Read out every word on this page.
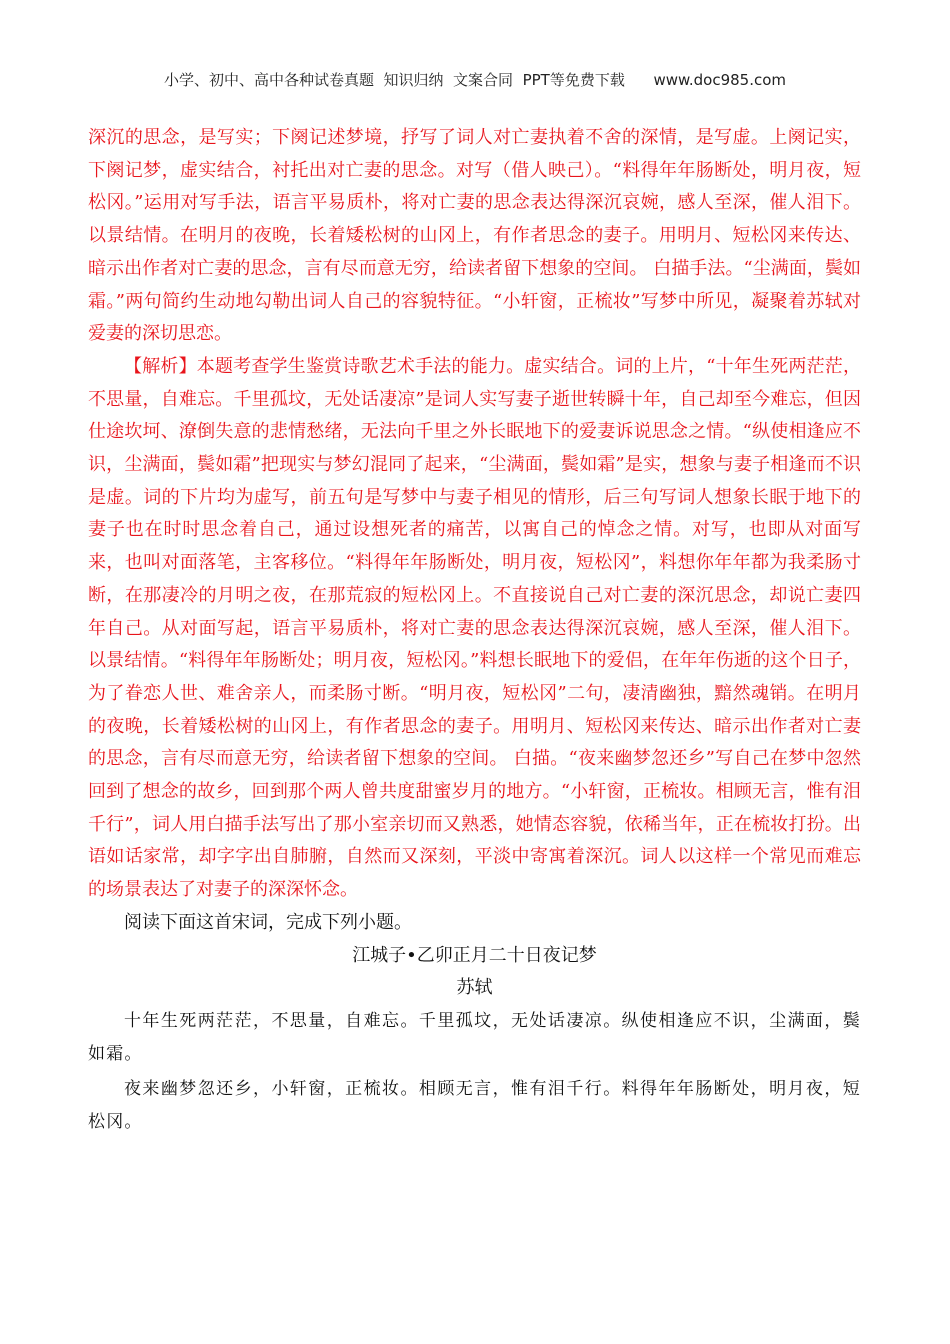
小学、初中、高中各种试卷真题  知识归纳  文案合同  PPT等免费下载      www.doc985.com

深沉的思念，是写实；下阕记述梦境，抒写了词人对亡妻执着不舍的深情，是写虚。上阕记实，下阕记梦，虚实结合，衬托出对亡妻的思念。对写（借人映己）。“料得年年肠断处，明月夜，短松冈。”运用对写手法，语言平易质朴，将对亡妻的思念表达得深沉哀婉，感人至深，催人泪下。以景结情。在明月的夜晚，长着矮松树的山冈上，有作者思念的妻子。用明月、短松冈来传达、暗示出作者对亡妻的思念，言有尽而意无穷，给读者留下想象的空间。 白描手法。“尘满面，鬓如霜。”两句简约生动地勾勒出词人自己的容貌特征。“小轩窗，正梳妆”写梦中所见，凝聚着苏轼对爱妻的深切思恋。

【解析】本题考查学生鉴赏诗歌艺术手法的能力。虚实结合。词的上片，“十年生死两茫茫，不思量，自难忘。千里孤坟，无处话凄凉”是词人实写妻子逝世转瞬十年，自己却至今难忘，但因仕途坎坷、潦倒失意的悲情愁绪，无法向千里之外长眠地下的爱妻诉说思念之情。“纵使相逢应不识，尘满面，鬓如霜”把现实与梦幻混同了起来，“尘满面，鬓如霜”是实，想象与妻子相逢而不识是虚。词的下片均为虚写，前五句是写梦中与妻子相见的情形，后三句写词人想象长眠于地下的妻子也在时时思念着自己，通过设想死者的痛苦，以寓自己的悼念之情。对写，也即从对面写来，也叫对面落笔，主客移位。“料得年年肠断处，明月夜，短松冈”，料想你年年都为我柔肠寸断，在那凄冷的月明之夜，在那荒寂的短松冈上。不直接说自己对亡妻的深沉思念，却说亡妻四年自己。从对面写起，语言平易质朴，将对亡妻的思念表达得深沉哀婉，感人至深，催人泪下。 以景结情。“料得年年肠断处；明月夜，短松冈。”料想长眠地下的爱侣，在年年伤逝的这个日子，为了眷恋人世、难舍亲人，而柔肠寸断。“明月夜，短松冈”二句，凄清幽独，黯然魂销。在明月的夜晚，长着矮松树的山冈上，有作者思念的妻子。用明月、短松冈来传达、暗示出作者对亡妻的思念，言有尽而意无穷，给读者留下想象的空间。 白描。“夜来幽梦忽还乡”写自己在梦中忽然回到了想念的故乡，回到那个两人曾共度甜蜜岁月的地方。“小轩窗，正梳妆。相顾无言，惟有泪千行”，词人用白描手法写出了那小室亲切而又熟悉，她情态容貌，依稀当年，正在梳妆打扮。出语如话家常，却字字出自肺腑，自然而又深刻，平淡中寄寓着深沉。词人以这样一个常见而难忘的场景表达了对妻子的深深怀念。

阅读下面这首宋词，完成下列小题。

江城子•乙卯正月二十日夜记梦

苏轼

十年生死两茫茫，不思量，自难忘。千里孤坟，无处话凄凉。纵使相逢应不识，尘满面，鬓如霜。

夜来幽梦忽还乡，小轩窗，正梳妆。相顾无言，惟有泪千行。料得年年肠断处，明月夜，短松冈。
